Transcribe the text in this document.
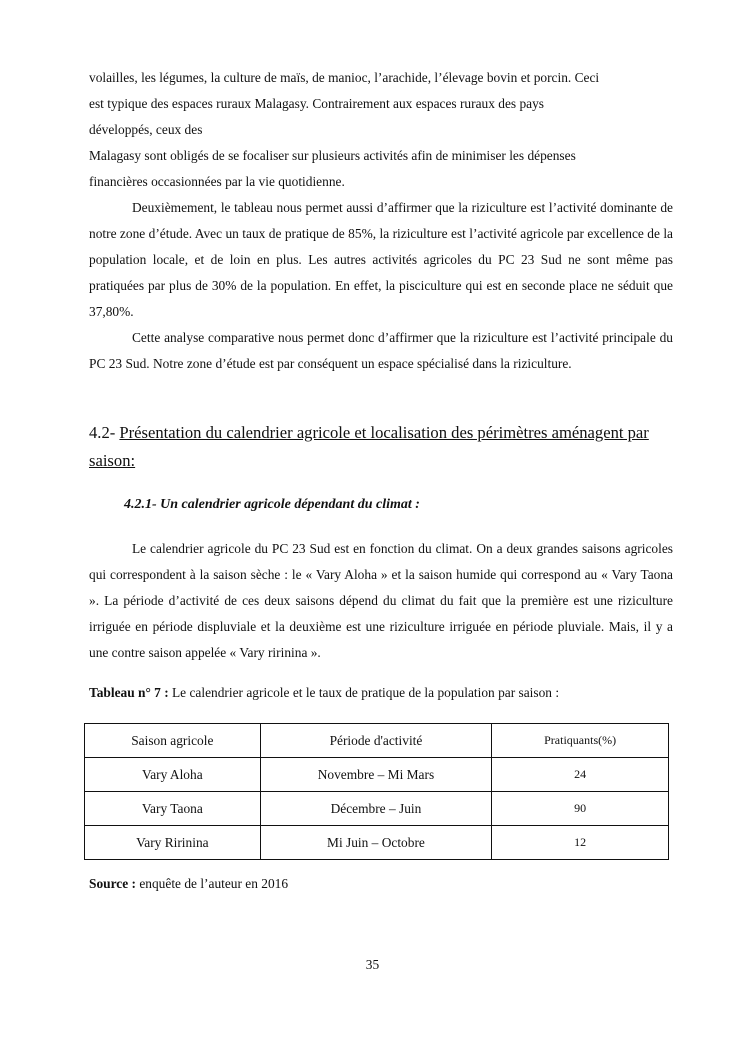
volailles, les légumes, la culture de maïs, de manioc, l’arachide, l’élevage bovin et porcin. Ceci
est typique des espaces ruraux Malagasy. Contrairement aux espaces ruraux des pays
développés, ceux des
Malagasy sont obligés de se focaliser sur plusieurs activités afin de minimiser les dépenses
financières occasionnées par la vie quotidienne.

Deuxièmement, le tableau nous permet aussi d’affirmer que la riziculture est l’activité dominante de notre zone d’étude. Avec un taux de pratique de 85%, la riziculture est l’activité agricole par excellence de la population locale, et de loin en plus. Les autres activités agricoles du PC 23 Sud ne sont même pas pratiquées par plus de 30% de la population. En effet, la pisciculture qui est en seconde place ne séduit que 37,80%.

Cette analyse comparative nous permet donc d’affirmer que la riziculture est l’activité principale du PC 23 Sud. Notre zone d’étude est par conséquent un espace spécialisé dans la riziculture.

4.2- Présentation du calendrier agricole et localisation des périmètres aménagent par saison:

4.2.1- Un calendrier agricole dépendant du climat :

Le calendrier agricole du PC 23 Sud est en fonction du climat. On a deux grandes saisons agricoles qui correspondent à la saison sèche : le « Vary Aloha » et la saison humide qui correspond au « Vary Taona ». La période d’activité de ces deux saisons dépend du climat du fait que la première est une riziculture irriguée en période displuviale et la deuxième est une riziculture irriguée en période pluviale. Mais, il y a une contre saison appelée « Vary ririnina ».

Tableau n° 7 : Le calendrier agricole et le taux de pratique de la population par saison :

Saison agricole	Période d'activité	Pratiquants(%)
Vary Aloha	Novembre – Mi Mars	24
Vary Taona	Décembre – Juin	90
Vary Ririnina	Mi Juin – Octobre	12

Source : enquête de l’auteur en 2016

35
